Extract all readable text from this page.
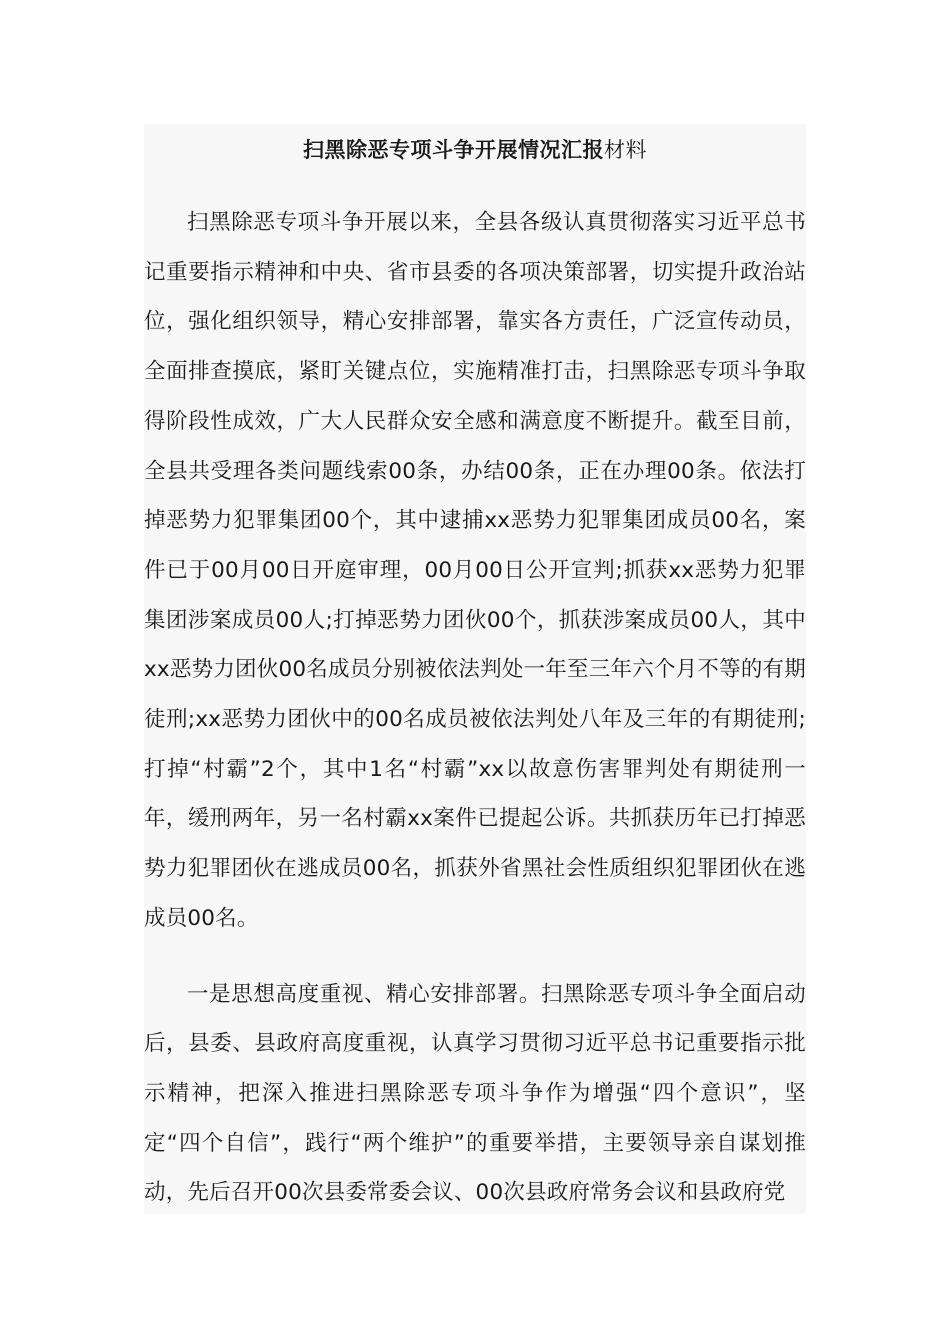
扫黑除恶专项斗争开展情况汇报材料

扫黑除恶专项斗争开展以来，全县各级认真贯彻落实习近平总书记重要指示精神和中央、省市县委的各项决策部署，切实提升政治站位，强化组织领导，精心安排部署，靠实各方责任，广泛宣传动员，全面排查摸底，紧盯关键点位，实施精准打击，扫黑除恶专项斗争取得阶段性成效，广大人民群众安全感和满意度不断提升。截至目前，全县共受理各类问题线索00条，办结00条，正在办理00条。依法打掉恶势力犯罪集团00个，其中逮捕xx恶势力犯罪集团成员00名，案件已于00月00日开庭审理，00月00日公开宣判;抓获xx恶势力犯罪集团涉案成员00人;打掉恶势力团伙00个，抓获涉案成员00人，其中xx恶势力团伙00名成员分别被依法判处一年至三年六个月不等的有期徒刑;xx恶势力团伙中的00名成员被依法判处八年及三年的有期徒刑;打掉“村霸”2个，其中1名“村霸”xx以故意伤害罪判处有期徒刑一年，缓刑两年，另一名村霸xx案件已提起公诉。共抓获历年已打掉恶势力犯罪团伙在逃成员00名，抓获外省黑社会性质组织犯罪团伙在逃成员00名。

一是思想高度重视、精心安排部署。扫黑除恶专项斗争全面启动后，县委、县政府高度重视，认真学习贯彻习近平总书记重要指示批示精神，把深入推进扫黑除恶专项斗争作为增强“四个意识”，坚定“四个自信”，践行“两个维护”的重要举措，主要领导亲自谋划推动，先后召开00次县委常委会议、00次县政府常务会议和县政府党
